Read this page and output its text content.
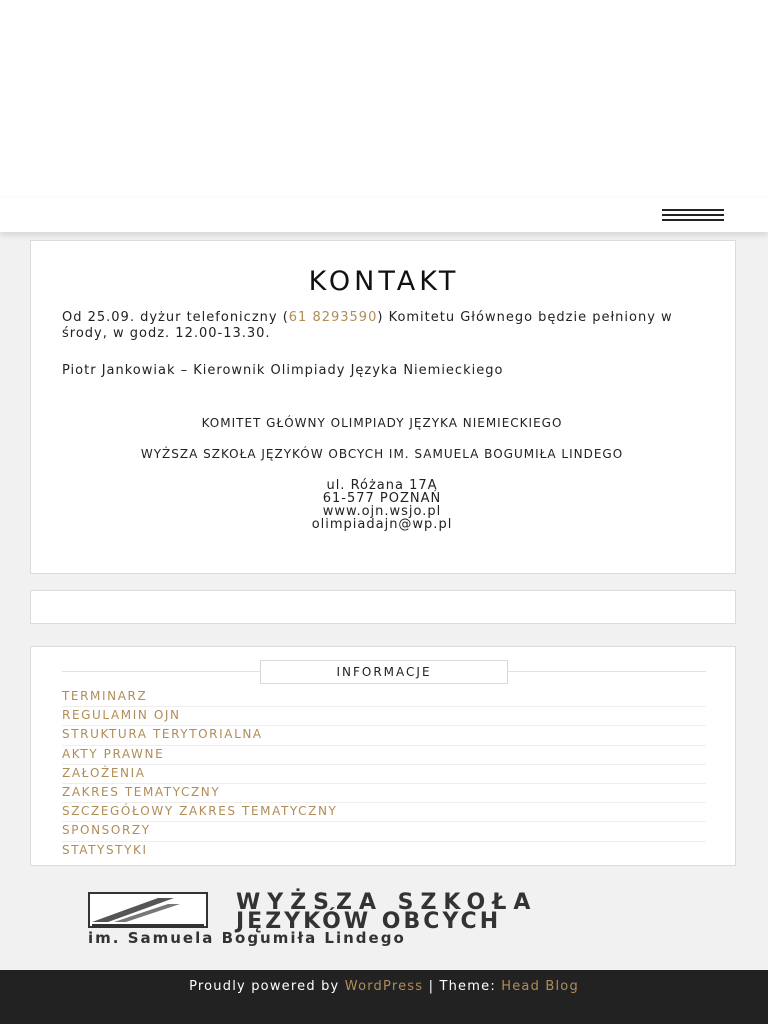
KONTAKT
Od 25.09. dyżur telefoniczny (61 8293590) Komitetu Głównego będzie pełniony w środy, w godz. 12.00-13.30.
Piotr Jankowiak – Kierownik Olimpiady Języka Niemieckiego
KOMITET GŁÓWNY OLIMPIADY JĘZYKA NIEMIECKIEGO
WYŻSZA SZKOŁA JĘZYKÓW OBCYCH IM. SAMUELA BOGUMIŁA LINDEGO
ul. Różana 17A
61-577 POZNAŃ
www.ojn.wsjo.pl
olimpiadajn@wp.pl
INFORMACJE
TERMINARZ
REGULAMIN OJN
STRUKTURA TERYTORIALNA
AKTY PRAWNE
ZAŁOŻENIA
ZAKRES TEMATYCZNY
SZCZEGÓŁOWY ZAKRES TEMATYCZNY
SPONSORZY
STATYSTYKI
WYŻSZA SZKOŁA
JĘZYKÓW OBCYCH
im. Samuela Bogumiła Lindego
Proudly powered by WordPress | Theme: Head Blog
